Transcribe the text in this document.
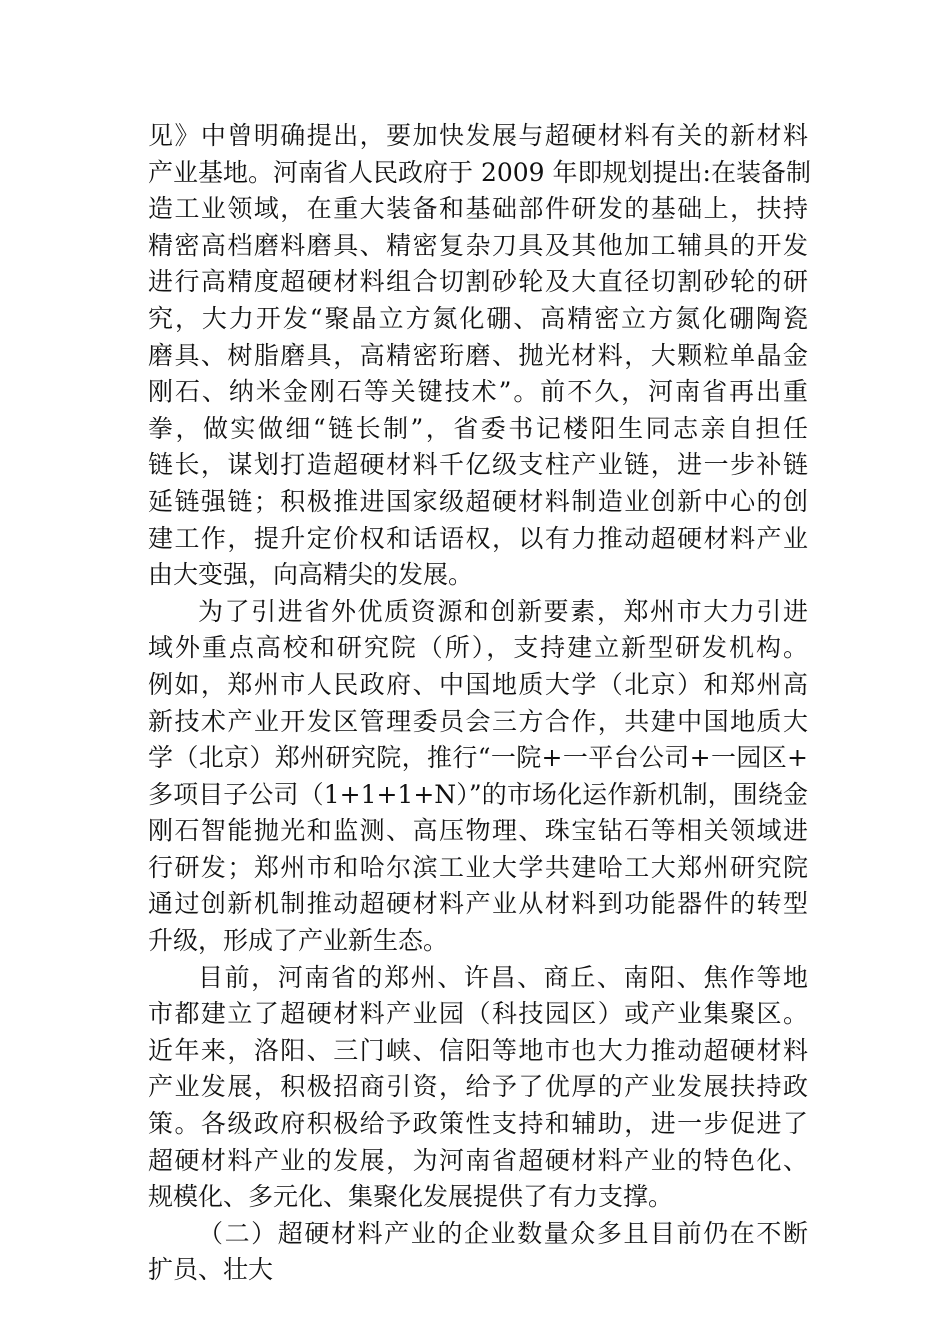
见》中曾明确提出，要加快发展与超硬材料有关的新材料
产业基地。河南省人民政府于 2009 年即规划提出:在装备制
造工业领域，在重大装备和基础部件研发的基础上，扶持
精密高档磨料磨具、精密复杂刀具及其他加工辅具的开发
进行高精度超硬材料组合切割砂轮及大直径切割砂轮的研
究，大力开发“聚晶立方氮化硼、高精密立方氮化硼陶瓷
磨具、树脂磨具，高精密珩磨、抛光材料，大颗粒单晶金
刚石、纳米金刚石等关键技术”。前不久，河南省再出重
拳，做实做细“链长制”，省委书记楼阳生同志亲自担任
链长，谋划打造超硬材料千亿级支柱产业链，进一步补链
延链强链；积极推进国家级超硬材料制造业创新中心的创
建工作，提升定价权和话语权，以有力推动超硬材料产业
由大变强，向高精尖的发展。
为了引进省外优质资源和创新要素，郑州市大力引进
域外重点高校和研究院（所），支持建立新型研发机构。
例如，郑州市人民政府、中国地质大学（北京）和郑州高
新技术产业开发区管理委员会三方合作，共建中国地质大
学（北京）郑州研究院，推行“一院+一平台公司+一园区+
多项目子公司（1+1+1+N）”的市场化运作新机制，围绕金
刚石智能抛光和监测、高压物理、珠宝钻石等相关领域进
行研发；郑州市和哈尔滨工业大学共建哈工大郑州研究院
通过创新机制推动超硬材料产业从材料到功能器件的转型
升级，形成了产业新生态。
目前，河南省的郑州、许昌、商丘、南阳、焦作等地
市都建立了超硬材料产业园（科技园区）或产业集聚区。
近年来，洛阳、三门峡、信阳等地市也大力推动超硬材料
产业发展，积极招商引资，给予了优厚的产业发展扶持政
策。各级政府积极给予政策性支持和辅助，进一步促进了
超硬材料产业的发展，为河南省超硬材料产业的特色化、
规模化、多元化、集聚化发展提供了有力支撑。
（二）超硬材料产业的企业数量众多且目前仍在不断
扩员、壮大
